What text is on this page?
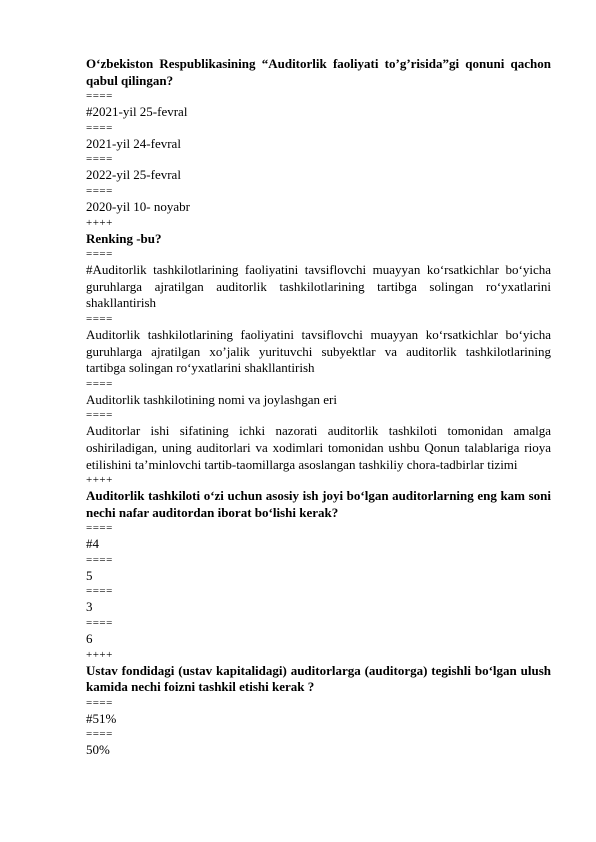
O‘zbekiston Respublikasining “Auditorlik faoliyati to’g’risida”gi qonuni qachon qabul qilingan?

====

#2021-yil 25-fevral

====

2021-yil 24-fevral

====

2022-yil 25-fevral

====

2020-yil 10- noyabr

++++

Renking -bu?

====

#Auditorlik tashkilotlarining faoliyatini tavsiflovchi muayyan ko‘rsatkichlar bo‘yicha guruhlarga ajratilgan auditorlik tashkilotlarining tartibga solingan ro‘yxatlarini shakllantirish

====

Auditorlik tashkilotlarining faoliyatini tavsiflovchi muayyan ko‘rsatkichlar bo‘yicha guruhlarga ajratilgan xo’jalik yurituvchi subyektlar va auditorlik tashkilotlarining tartibga solingan ro‘yxatlarini shakllantirish

====

Auditorlik tashkilotining nomi va joylashgan eri

====

Auditorlar ishi sifatining ichki nazorati auditorlik tashkiloti tomonidan amalga oshiriladigan, uning auditorlari va xodimlari tomonidan ushbu Qonun talablariga rioya etilishini ta’minlovchi tartib-taomillarga asoslangan tashkiliy chora-tadbirlar tizimi

++++

Auditorlik tashkiloti o‘zi uchun asosiy ish joyi bo‘lgan auditorlarning eng kam soni nechi nafar auditordan iborat bo‘lishi kerak?

====

#4

====

5

====

3

====

6

++++

Ustav fondidagi (ustav kapitalidagi) auditorlarga (auditorga) tegishli bo‘lgan ulush kamida nechi foizni tashkil etishi kerak ?

====

#51%

====

50%
